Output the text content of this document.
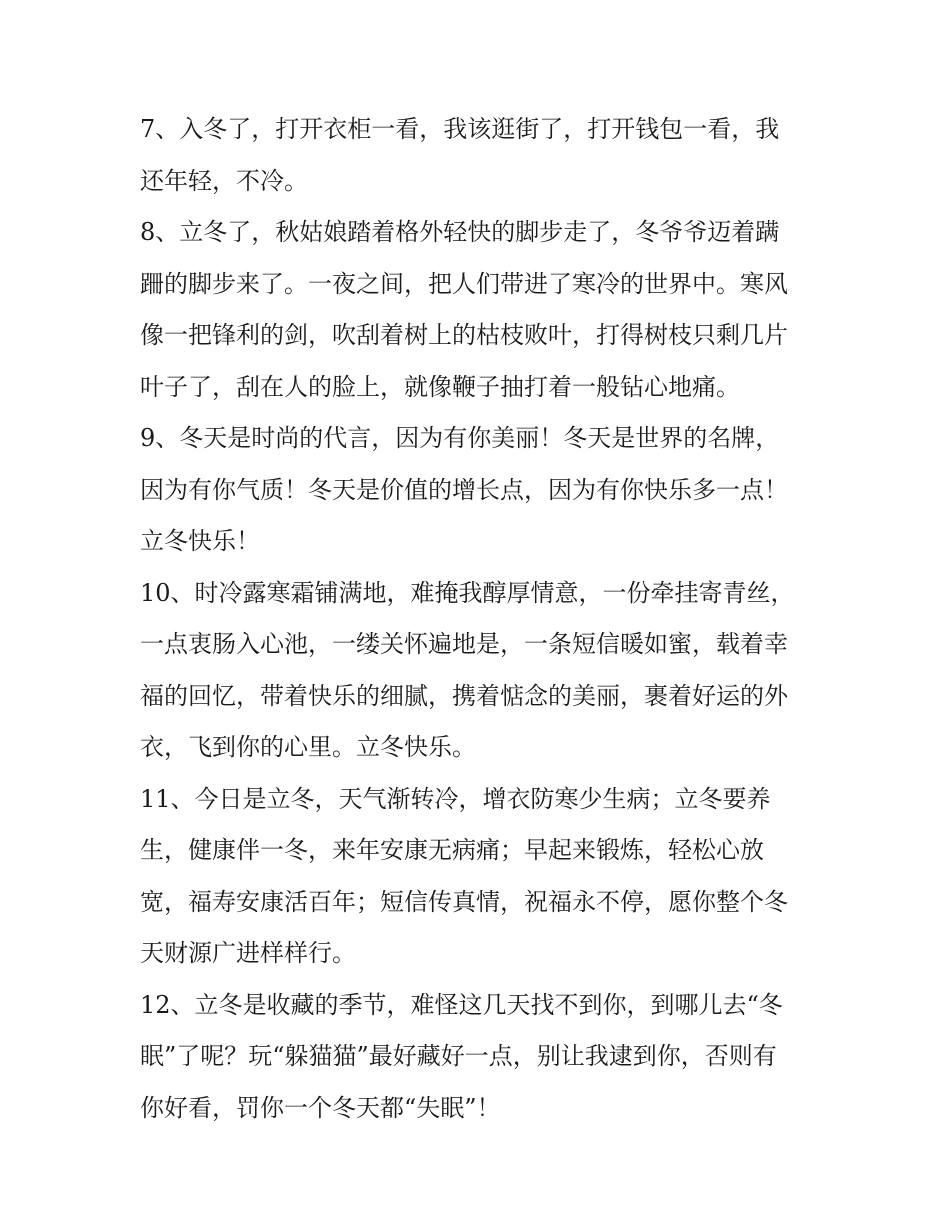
7、入冬了，打开衣柜一看，我该逛街了，打开钱包一看，我
还年轻，不冷。

8、立冬了，秋姑娘踏着格外轻快的脚步走了，冬爷爷迈着蹒
跚的脚步来了。一夜之间，把人们带进了寒冷的世界中。寒风
像一把锋利的剑，吹刮着树上的枯枝败叶，打得树枝只剩几片
叶子了，刮在人的脸上，就像鞭子抽打着一般钻心地痛。

9、冬天是时尚的代言，因为有你美丽！冬天是世界的名牌，
因为有你气质！冬天是价值的增长点，因为有你快乐多一点！
立冬快乐！

10、时冷露寒霜铺满地，难掩我醇厚情意，一份牵挂寄青丝，
一点衷肠入心池，一缕关怀遍地是，一条短信暖如蜜，载着幸
福的回忆，带着快乐的细腻，携着惦念的美丽，裹着好运的外
衣，飞到你的心里。立冬快乐。

11、今日是立冬，天气渐转冷，增衣防寒少生病；立冬要养
生，健康伴一冬，来年安康无病痛；早起来锻炼，轻松心放
宽，福寿安康活百年；短信传真情，祝福永不停，愿你整个冬
天财源广进样样行。

12、立冬是收藏的季节，难怪这几天找不到你，到哪儿去“冬
眠”了呢？玩“躲猫猫”最好藏好一点，别让我逮到你，否则有
你好看，罚你一个冬天都“失眠”！
